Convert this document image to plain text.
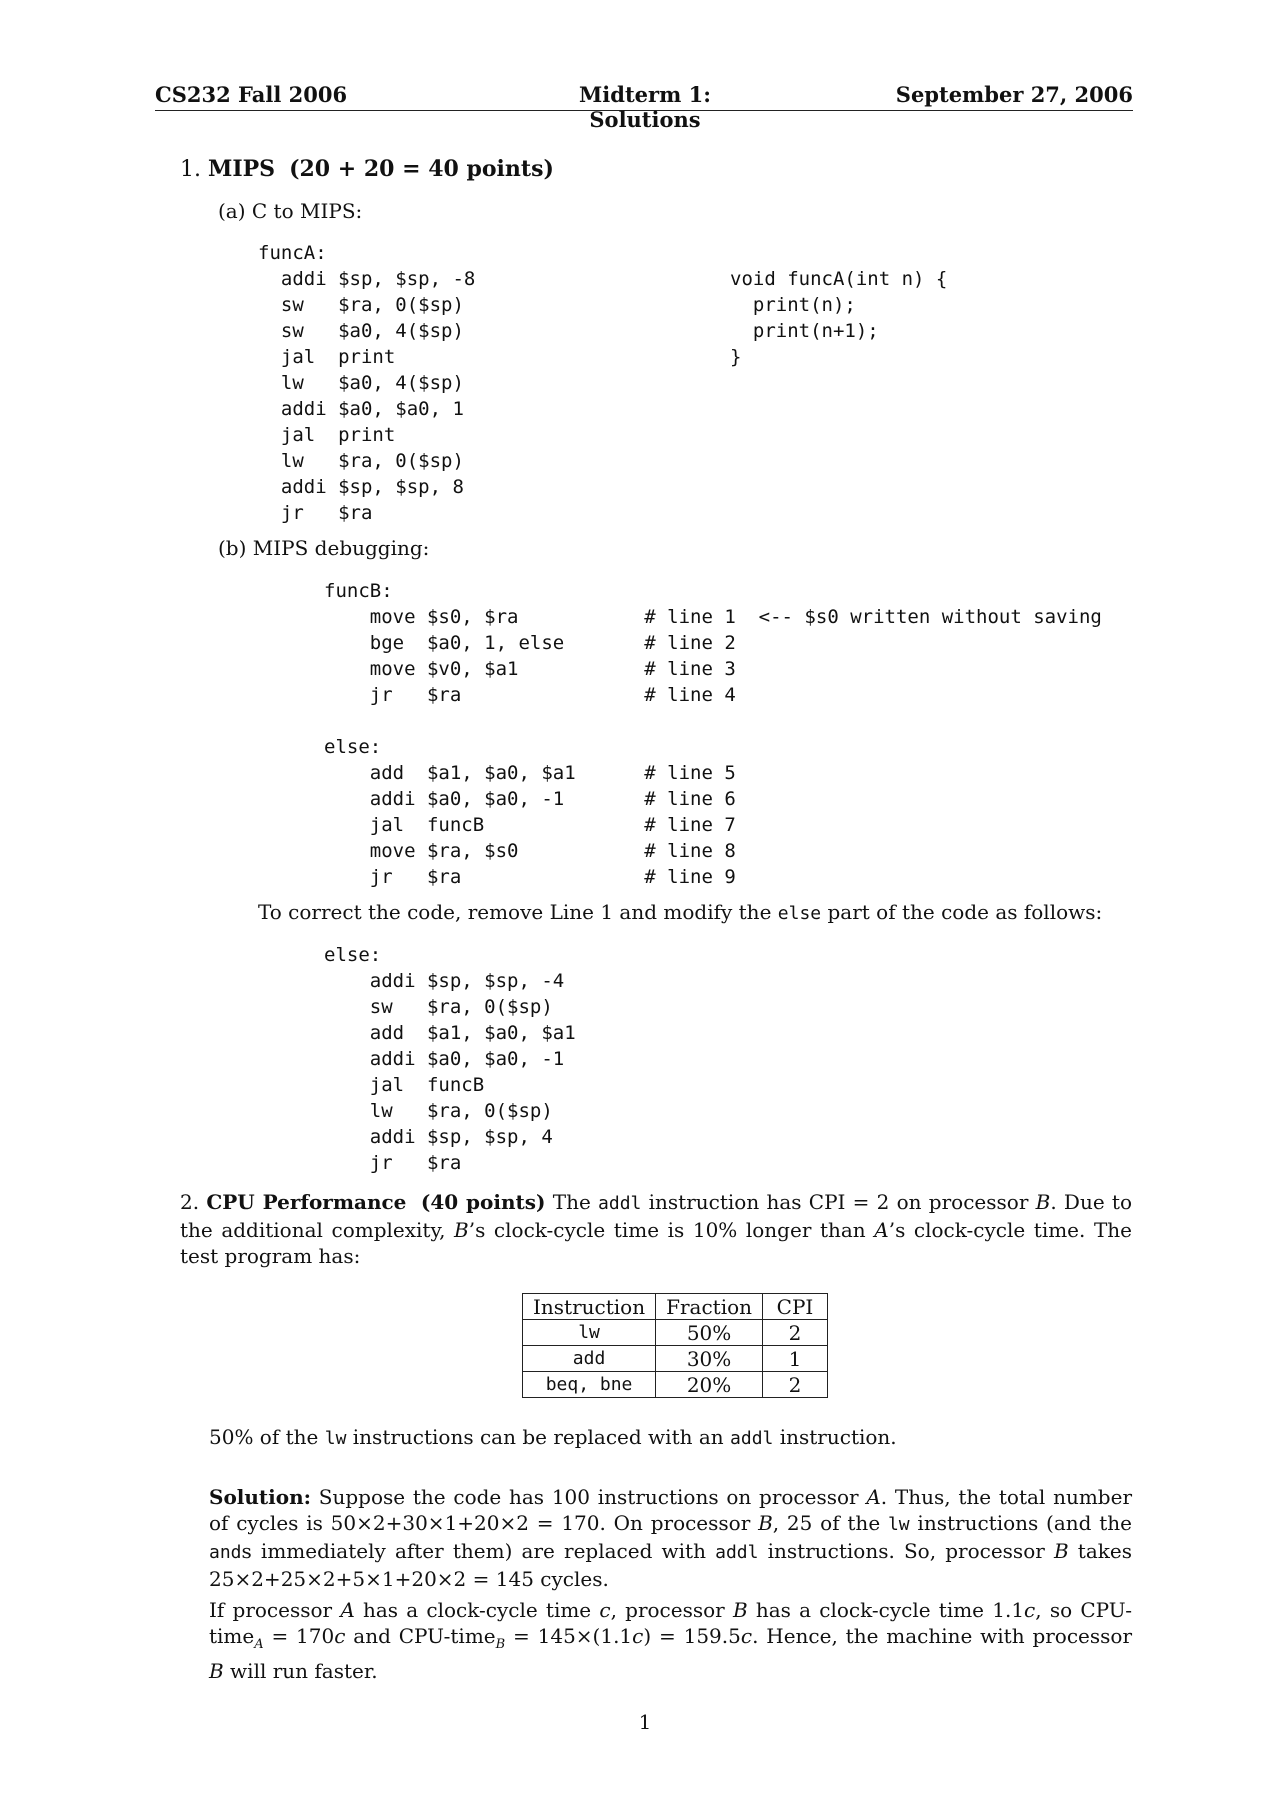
CS232 Fall 2006	Midterm 1: Solutions
September 27, 2006
1. MIPS (20 + 20 = 40 points)
(a) C to MIPS:
funcA:
addi $sp, $sp, -8
sw   $ra, 0($sp)
sw   $a0, 4($sp)
jal  print
lw   $a0, 4($sp)
addi $a0, $a0, 1
jal  print
lw   $ra, 0($sp)
addi $sp, $sp, 8
jr   $ra
void funcA(int n) {
print(n);
print(n+1);
}
(b) MIPS debugging:
funcB:
move $s0, $ra           # line 1  <-- $s0 written without saving
bge  $a0, 1, else       # line 2
move $v0, $a1           # line 3
jr   $ra                # line 4

else:
add  $a1, $a0, $a1      # line 5
addi $a0, $a0, -1       # line 6
jal  funcB              # line 7
move $ra, $s0           # line 8
jr   $ra                # line 9
To correct the code, remove Line 1 and modify the else part of the code as follows:
else:
addi $sp, $sp, -4
sw   $ra, 0($sp)
add  $a1, $a0, $a1
addi $a0, $a0, -1
jal  funcB
lw   $ra, 0($sp)
addi $sp, $sp, 4
jr   $ra
2. CPU Performance (40 points) The addl instruction has CPI = 2 on processor B. Due to the additional complexity, B’s clock-cycle time is 10% longer than A’s clock-cycle time. The test program has:
Instruction	Fraction	CPI
lw	50%	2
add	30%	1
beq, bne	20%	2
50% of the lw instructions can be replaced with an addl instruction.
Solution: Suppose the code has 100 instructions on processor A. Thus, the total number of cycles is 50×2+30×1+20×2 = 170. On processor B, 25 of the lw instructions (and the ands immediately after them) are replaced with addl instructions. So, processor B takes 25×2+25×2+5×1+20×2 = 145 cycles.
If processor A has a clock-cycle time c, processor B has a clock-cycle time 1.1c, so CPU-time$_A$ = 170c and CPU-time$_B$ = 145×(1.1c) = 159.5c. Hence, the machine with processor B will run faster.
1
